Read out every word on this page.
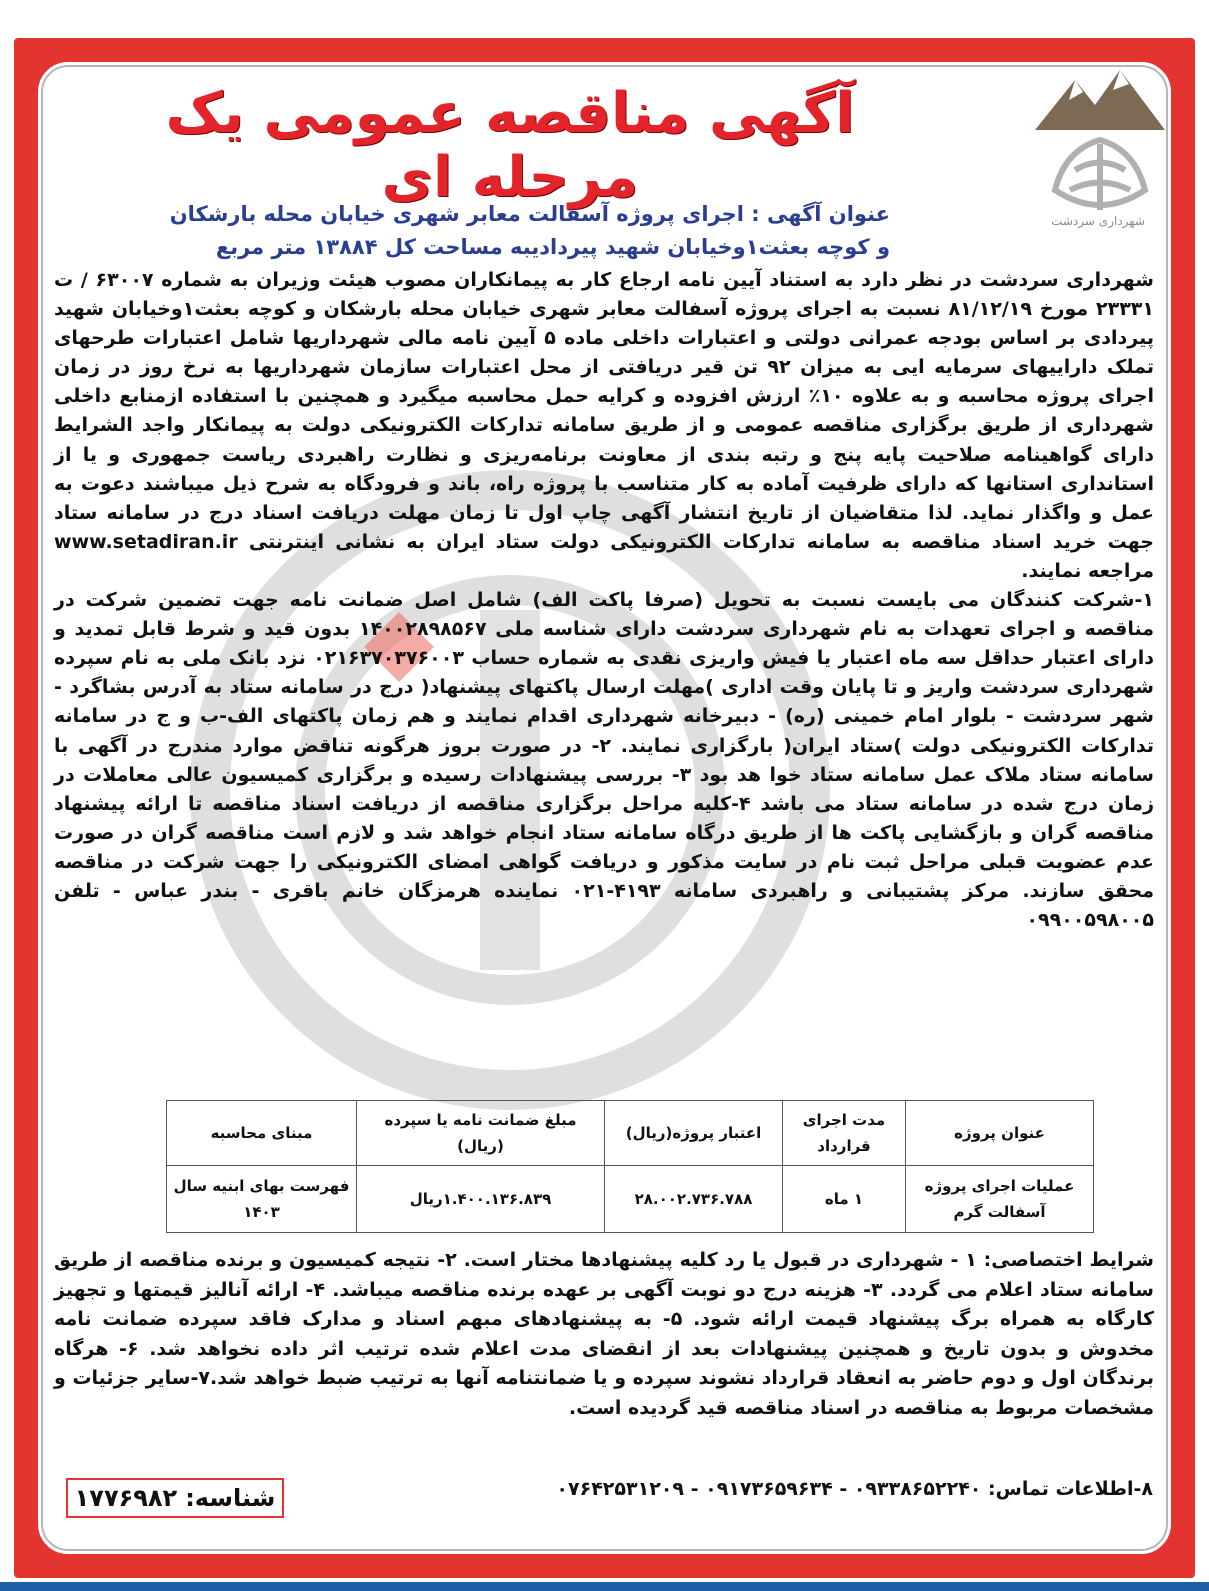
شهرداری سردشت
آگهی مناقصه عمومی یک مرحله ای
عنوان آگهی : اجرای پروژه آسفالت معابر شهری خیابان محله بارشکان
و کوچه بعثت۱وخیابان شهید پیردادیبه مساحت کل ۱۳۸۸۴ متر مربع

شهرداری سردشت در نظر دارد به استناد آیین نامه ارجاع کار به پیمانکاران مصوب هیئت وزیران به شماره ۶۳۰۰۷ / ت ۲۳۳۳۱ مورخ ۸۱/۱۲/۱۹ نسبت به اجرای پروژه آسفالت معابر شهری خیابان محله بارشکان و کوچه بعثت۱وخیابان شهید پیردادی بر اساس بودجه عمرانی دولتی و اعتبارات داخلی ماده ۵ آیین نامه مالی شهرداریها شامل اعتبارات طرحهای تملک داراییهای سرمایه ایی به میزان ۹۲ تن قیر دریافتی از محل اعتبارات سازمان شهرداریها به نرخ روز در زمان اجرای پروژه محاسبه و به علاوه ۱۰٪ ارزش افزوده و کرایه حمل محاسبه میگیرد و همچنین با استفاده ازمنابع داخلی شهرداری از طریق برگزاری مناقصه عمومی و از طریق سامانه تدارکات الکترونیکی دولت به پیمانکار واجد الشرایط دارای گواهینامه صلاحیت پایه پنج و رتبه بندی از معاونت برنامه‌ریزی و نظارت راهبردی ریاست جمهوری و یا از استانداری استانها که دارای ظرفیت آماده به کار متناسب با پروژه راه، باند و فرودگاه به شرح ذیل میباشند دعوت به عمل و واگذار نماید. لذا متقاضیان از تاریخ انتشار آگهی چاپ اول تا زمان مهلت دریافت اسناد درج در سامانه ستاد جهت خرید اسناد مناقصه به سامانه تدارکات الکترونیکی دولت ستاد ایران به نشانی اینترنتی www.setadiran.ir مراجعه نمایند.

۱-شرکت کنندگان می بایست نسبت به تحویل (صرفا پاکت الف) شامل اصل ضمانت نامه جهت تضمین شرکت در مناقصه و اجرای تعهدات به نام شهرداری سردشت دارای شناسه ملی ۱۴۰۰۲۸۹۸۵۶۷ بدون قید و شرط قابل تمدید و دارای اعتبار حداقل سه ماه اعتبار یا فیش واریزی نقدی به شماره حساب ۰۲۱۶۳۷۰۳۷۶۰۰۳ نزد بانک ملی به نام سپرده شهرداری سردشت واریز و تا پایان وقت اداری )مهلت ارسال پاکتهای پیشنهاد( درج در سامانه ستاد به آدرس بشاگرد - شهر سردشت - بلوار امام خمینی (ره) - دبیرخانه شهرداری اقدام نمایند و هم زمان پاکتهای الف-ب و ج در سامانه تدارکات الکترونیکی دولت )ستاد ایران( بارگزاری نمایند. ۲- در صورت بروز هرگونه تناقض موارد مندرج در آگهی با سامانه ستاد ملاک عمل سامانه ستاد خوا هد بود ۳- بررسی پیشنهادات رسیده و برگزاری کمیسیون عالی معاملات در زمان درج شده در سامانه ستاد می باشد ۴-کلیه مراحل برگزاری مناقصه از دریافت اسناد مناقصه تا ارائه پیشنهاد مناقصه گران و بازگشایی پاکت ها از طریق درگاه سامانه ستاد انجام خواهد شد و لازم است مناقصه گران در صورت عدم عضویت قبلی مراحل ثبت نام در سایت مذکور و دریافت گواهی امضای الکترونیکی را جهت شرکت در مناقصه محقق سازند. مرکز پشتیبانی و راهبردی سامانه ۴۱۹۳-۰۲۱ نماینده هرمزگان خانم باقری - بندر عباس - تلفن ۰۹۹۰۰۵۹۸۰۰۵

عنوان پروژه	مدت اجرای قرارداد	اعتبار پروژه(ریال)	مبلغ ضمانت نامه یا سپرده (ریال)	مبنای محاسبه
عملیات اجرای پروژه آسفالت گرم	۱ ماه	۲۸.۰۰۲.۷۳۶.۷۸۸	۱.۴۰۰.۱۳۶.۸۳۹ریال	فهرست بهای ابنیه سال ۱۴۰۳
شرایط اختصاصی: ۱ - شهرداری در قبول یا رد کلیه پیشنهادها مختار است. ۲- نتیجه کمیسیون و برنده مناقصه از طریق سامانه ستاد اعلام می گردد. ۳- هزینه درج دو نوبت آگهی بر عهده برنده مناقصه میباشد. ۴- ارائه آنالیز قیمتها و تجهیز کارگاه به همراه برگ پیشنهاد قیمت ارائه شود. ۵- به پیشنهادهای مبهم اسناد و مدارک فاقد سپرده ضمانت نامه مخدوش و بدون تاریخ و همچنین پیشنهادات بعد از انقضای مدت اعلام شده ترتیب اثر داده نخواهد شد. ۶- هرگاه برندگان اول و دوم حاضر به انعقاد قرارداد نشوند سپرده و یا ضمانتنامه آنها به ترتیب ضبط خواهد شد.۷-سایر جزئیات و مشخصات مربوط به مناقصه در اسناد مناقصه قید گردیده است.
۸-اطلاعات تماس: ۰۹۳۳۸۶۵۲۲۴۰ - ۰۹۱۷۳۶۵۹۶۳۴ - ۰۷۶۴۲۵۳۱۲۰۹
شناسه:
۱۷۷۶۹۸۲
